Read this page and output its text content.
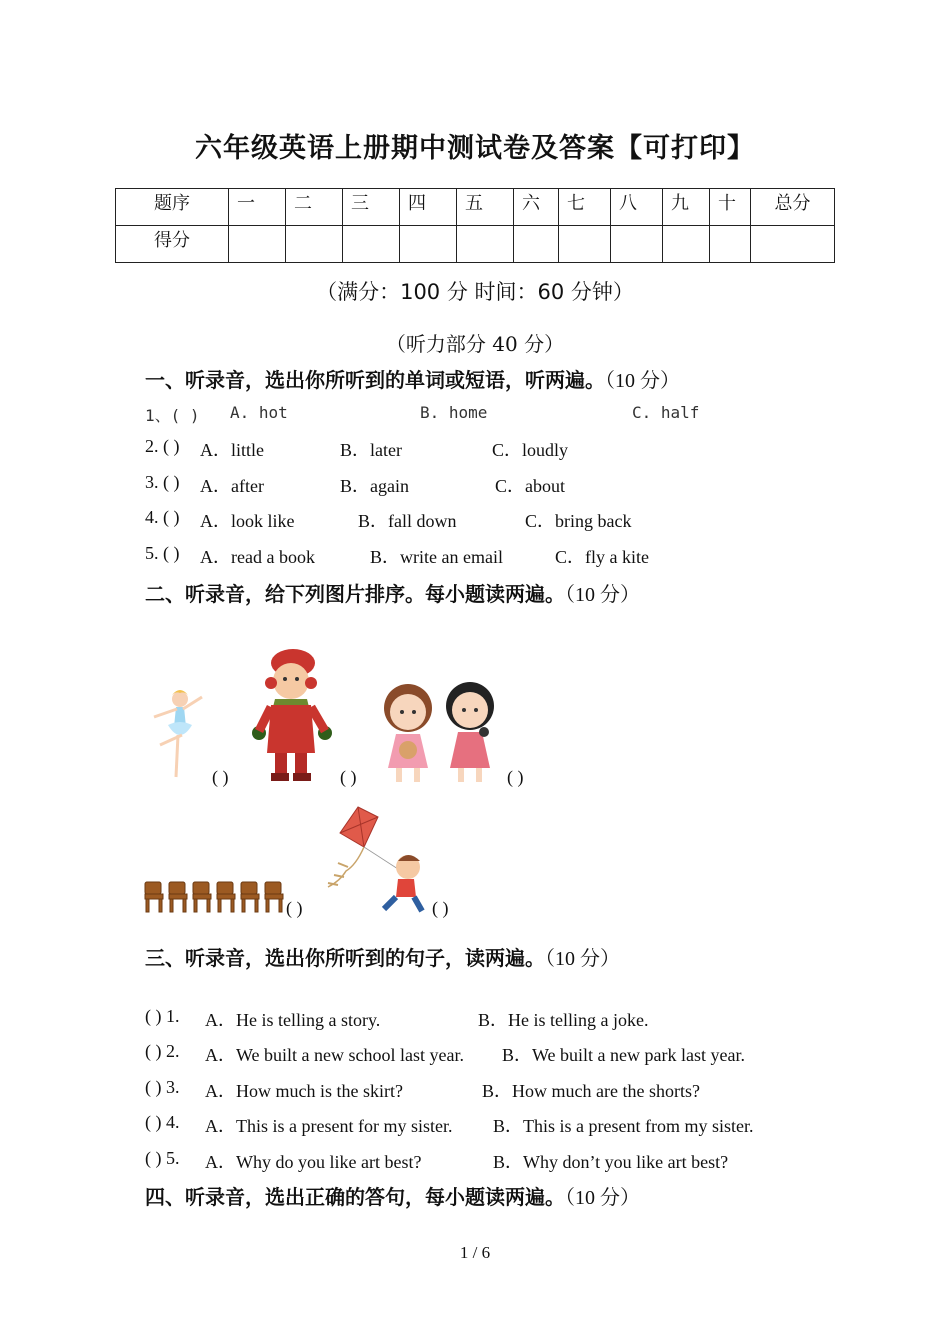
六年级英语上册期中测试卷及答案【可打印】
题序	一	二	三	四	五	六	七	八	九	十	总分
得分											
（满分：100 分 时间：60 分钟）
（听力部分 40 分）
一、听录音，选出你所听到的单词或短语，听两遍。（10 分）
1、( ) A. hot	B. home	C. half
2. ( ) A．little	B．later	C．loudly
3. ( ) A．after	B．again	C．about
4. ( ) A．look like	B．fall down	C．bring back
5. ( ) A．read a book	B．write an email	C．fly a kite
二、听录音，给下列图片排序。每小题读两遍。（10 分）
( )	( )	( )
( )	( )
三、听录音，选出你所听到的句子，读两遍。（10 分）
( ) 1. A．He is telling a story.	B．He is telling a joke.
( ) 2. A．We built a new school last year. B．We built a new park last year.
( ) 3. A．How much is the skirt?	B．How much are the shorts?
( ) 4. A．This is a present for my sister. B．This is a present from my sister.
( ) 5. A．Why do you like art best?	B．Why don’t you like art best?
四、听录音，选出正确的答句，每小题读两遍。（10 分）
1 / 6
